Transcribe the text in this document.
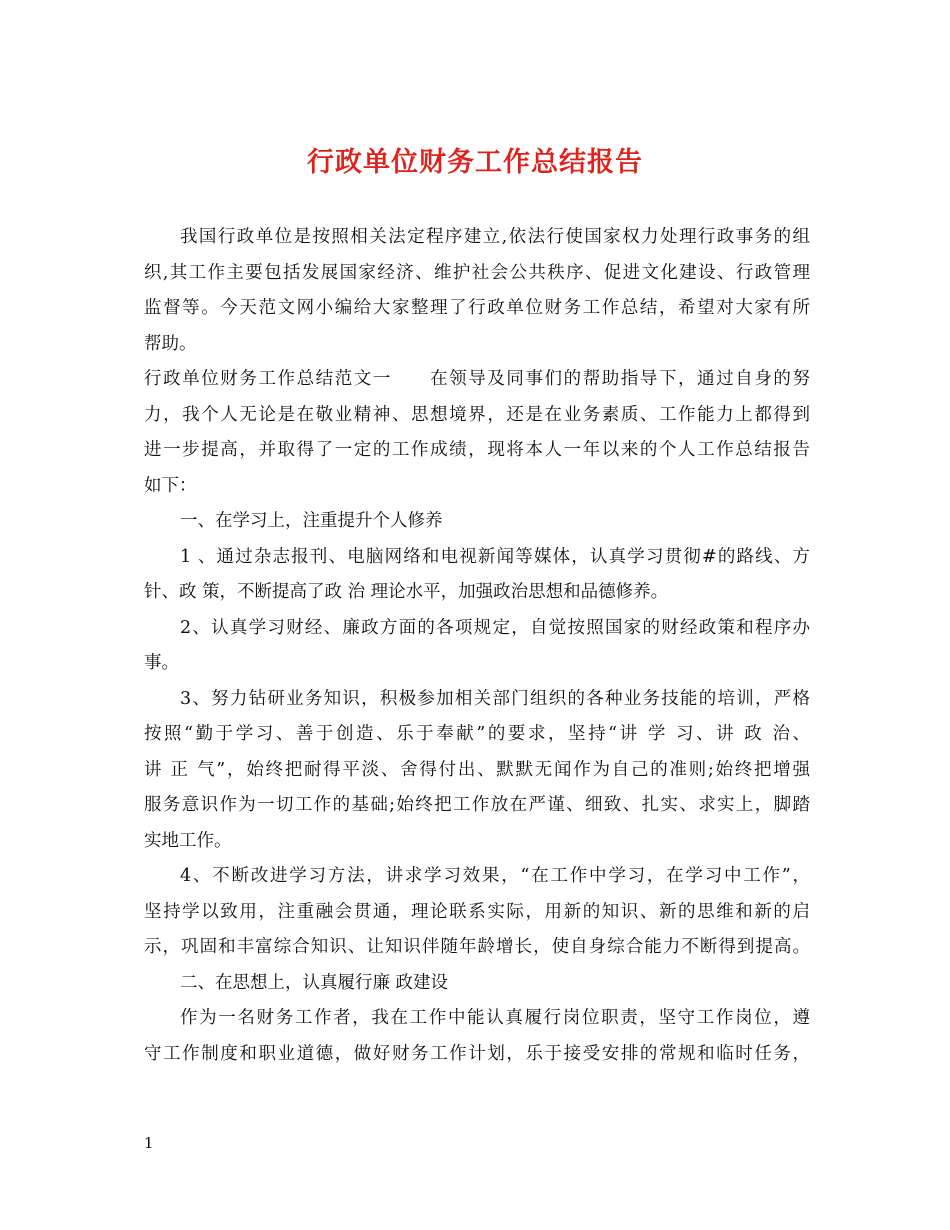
行政单位财务工作总结报告
我国行政单位是按照相关法定程序建立,依法行使国家权力处理行政事务的组
织,其工作主要包括发展国家经济、维护社会公共秩序、促进文化建设、行政管理
监督等。今天范文网小编给大家整理了行政单位财务工作总结，希望对大家有所
帮助。
行政单位财务工作总结范文一　　在领导及同事们的帮助指导下，通过自身的努
力，我个人无论是在敬业精神、思想境界，还是在业务素质、工作能力上都得到
进一步提高，并取得了一定的工作成绩，现将本人一年以来的个人工作总结报告
如下：
一、在学习上，注重提升个人修养
1 、通过杂志报刊、电脑网络和电视新闻等媒体，认真学习贯彻#的路线、方
针、政 策，不断提高了政 治 理论水平，加强政治思想和品德修养。
2、认真学习财经、廉政方面的各项规定，自觉按照国家的财经政策和程序办
事。
3、努力钻研业务知识，积极参加相关部门组织的各种业务技能的培训，严格
按照“勤于学习、善于创造、乐于奉献”的要求，坚持“讲 学 习、讲 政 治、
讲 正 气”，始终把耐得平淡、舍得付出、默默无闻作为自己的准则;始终把增强
服务意识作为一切工作的基础;始终把工作放在严谨、细致、扎实、求实上，脚踏
实地工作。
4、不断改进学习方法，讲求学习效果，“在工作中学习，在学习中工作”，
坚持学以致用，注重融会贯通，理论联系实际，用新的知识、新的思维和新的启
示，巩固和丰富综合知识、让知识伴随年龄增长，使自身综合能力不断得到提高。
二、在思想上，认真履行廉 政建设
作为一名财务工作者，我在工作中能认真履行岗位职责，坚守工作岗位，遵
守工作制度和职业道德，做好财务工作计划，乐于接受安排的常规和临时任务，
1
